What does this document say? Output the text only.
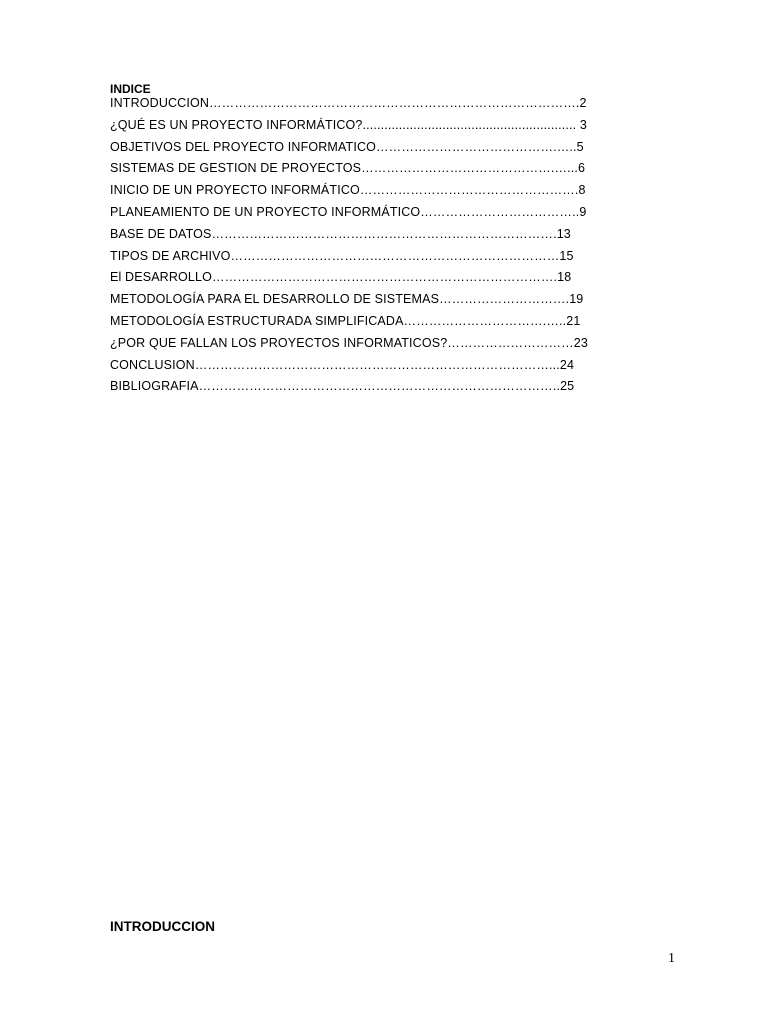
INDICE
INTRODUCCION…………………………………………………………………………….2
¿QUÉ ES UN PROYECTO INFORMÁTICO?........................................................... 3
OBJETIVOS DEL PROYECTO INFORMATICO…………………………………….…..5
SISTEMAS DE GESTION DE PROYECTOS……………………………………….…...6
INICIO DE UN PROYECTO INFORMÁTICO…………………………………………….8
PLANEAMIENTO DE UN PROYECTO INFORMÁTICO………………………………..9
BASE DE DATOS……………………………………………………………………….13
TIPOS DE ARCHIVO……………………………………………………………………15
El DESARROLLO……………………………………………………………………….18
METODOLOGÍA PARA EL DESARROLLO DE SISTEMAS………………………….19
METODOLOGÍA ESTRUCTURADA SIMPLIFICADA…………………………….…..21
¿POR QUE FALLAN LOS PROYECTOS INFORMATICOS?…………………………23
CONCLUSION…………………………………………………………………………...24
BIBLIOGRAFIA…………………………………………………………………………..25
INTRODUCCION
1
